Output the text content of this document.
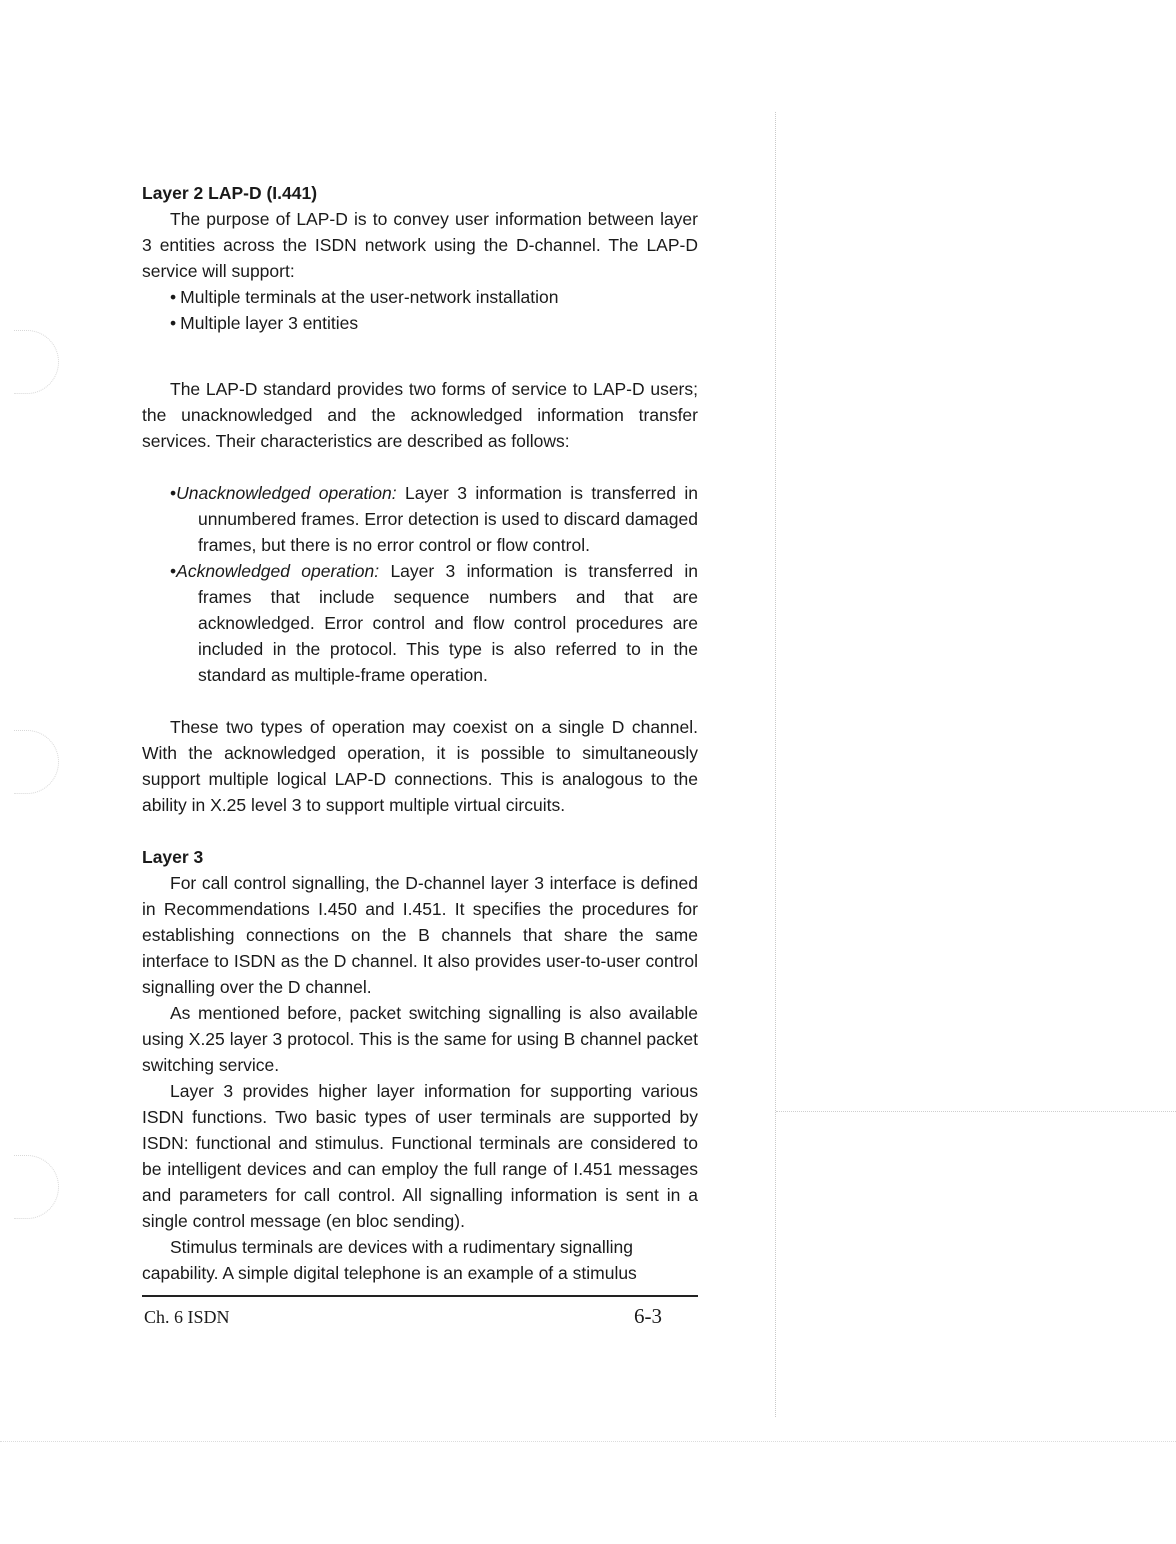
Layer 2 LAP-D (I.441)

The purpose of LAP-D is to convey user information between layer 3 entities across the ISDN network using the D-channel. The LAP-D service will support:

• Multiple terminals at the user-network installation
• Multiple layer 3 entities

The LAP-D standard provides two forms of service to LAP-D users; the unacknowledged and the acknowledged information transfer services. Their characteristics are described as follows:

•Unacknowledged operation: Layer 3 information is transferred in unnumbered frames. Error detection is used to discard damaged frames, but there is no error control or flow control.
•Acknowledged operation: Layer 3 information is transferred in frames that include sequence numbers and that are acknowledged. Error control and flow control procedures are included in the protocol. This type is also referred to in the standard as multiple-frame operation.

These two types of operation may coexist on a single D channel. With the acknowledged operation, it is possible to simultaneously support multiple logical LAP-D connections. This is analogous to the ability in X.25 level 3 to support multiple virtual circuits.

Layer 3

For call control signalling, the D-channel layer 3 interface is defined in Recommendations I.450 and I.451. It specifies the procedures for establishing connections on the B channels that share the same interface to ISDN as the D channel. It also provides user-to-user control signalling over the D channel.

As mentioned before, packet switching signalling is also available using X.25 layer 3 protocol. This is the same for using B channel packet switching service.

Layer 3 provides higher layer information for supporting various ISDN functions. Two basic types of user terminals are supported by ISDN: functional and stimulus. Functional terminals are considered to be intelligent devices and can employ the full range of I.451 messages and parameters for call control. All signalling information is sent in a single control message (en bloc sending).

Stimulus terminals are devices with a rudimentary signalling capability. A simple digital telephone is an example of a stimulus

Ch. 6 ISDN	6-3
